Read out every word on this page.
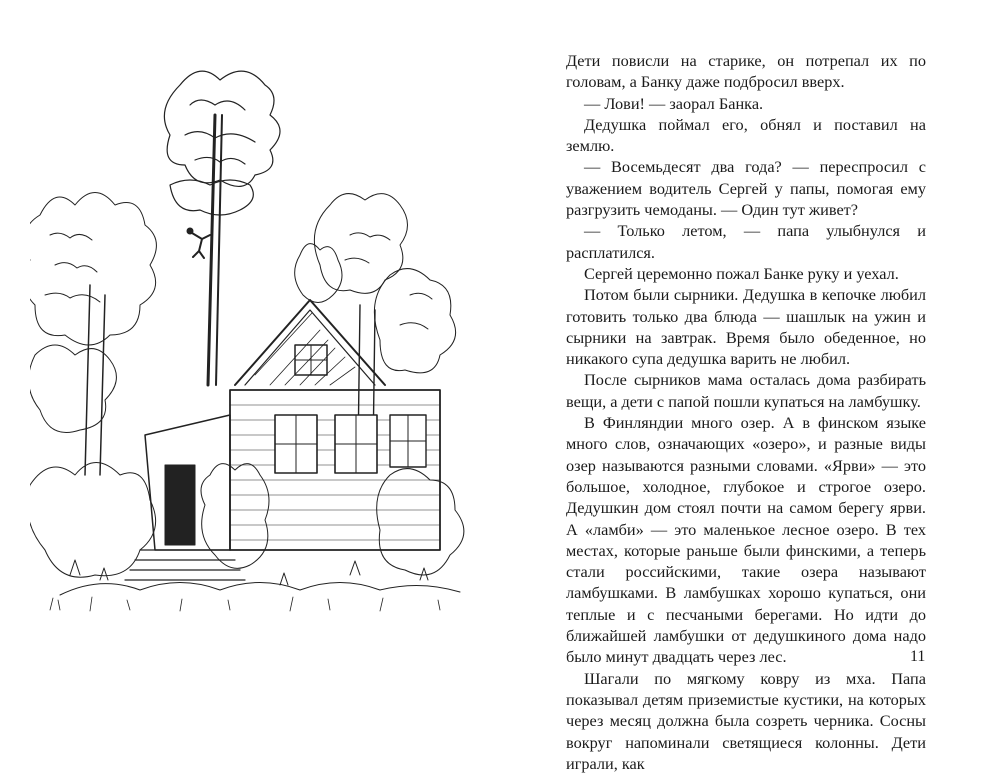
Дети повисли на старике, он потрепал их по головам, а Банку даже подбросил вверх.

— Лови! — заорал Банка.

Дедушка поймал его, обнял и поставил на землю.

— Восемьдесят два года? — переспросил с уважением водитель Сергей у папы, помогая ему разгрузить чемоданы. — Один тут живет?

— Только летом, — папа улыбнулся и расплатился.

Сергей церемонно пожал Банке руку и уехал.

Потом были сырники. Дедушка в кепочке любил готовить только два блюда — шашлык на ужин и сырники на завтрак. Время было обеденное, но никакого супа дедушка варить не любил.

После сырников мама осталась дома разбирать вещи, а дети с папой пошли купаться на ламбушку.

В Финляндии много озер. А в финском языке много слов, означающих «озеро», и разные виды озер называются разными словами. «Ярви» — это большое, холодное, глубокое и строгое озеро. Дедушкин дом стоял почти на самом берегу ярви. А «ламби» — это маленькое лесное озеро. В тех местах, которые раньше были финскими, а теперь стали российскими, такие озера называют ламбушками. В ламбушках хорошо купаться, они теплые и с песчаными берегами. Но идти до ближайшей ламбушки от дедушкиного дома надо было минут двадцать через лес.

Шагали по мягкому ковру из мха. Папа показывал детям приземистые кустики, на которых через месяц должна была созреть черника. Сосны вокруг напоминали светящиеся колонны. Дети играли, как

11
